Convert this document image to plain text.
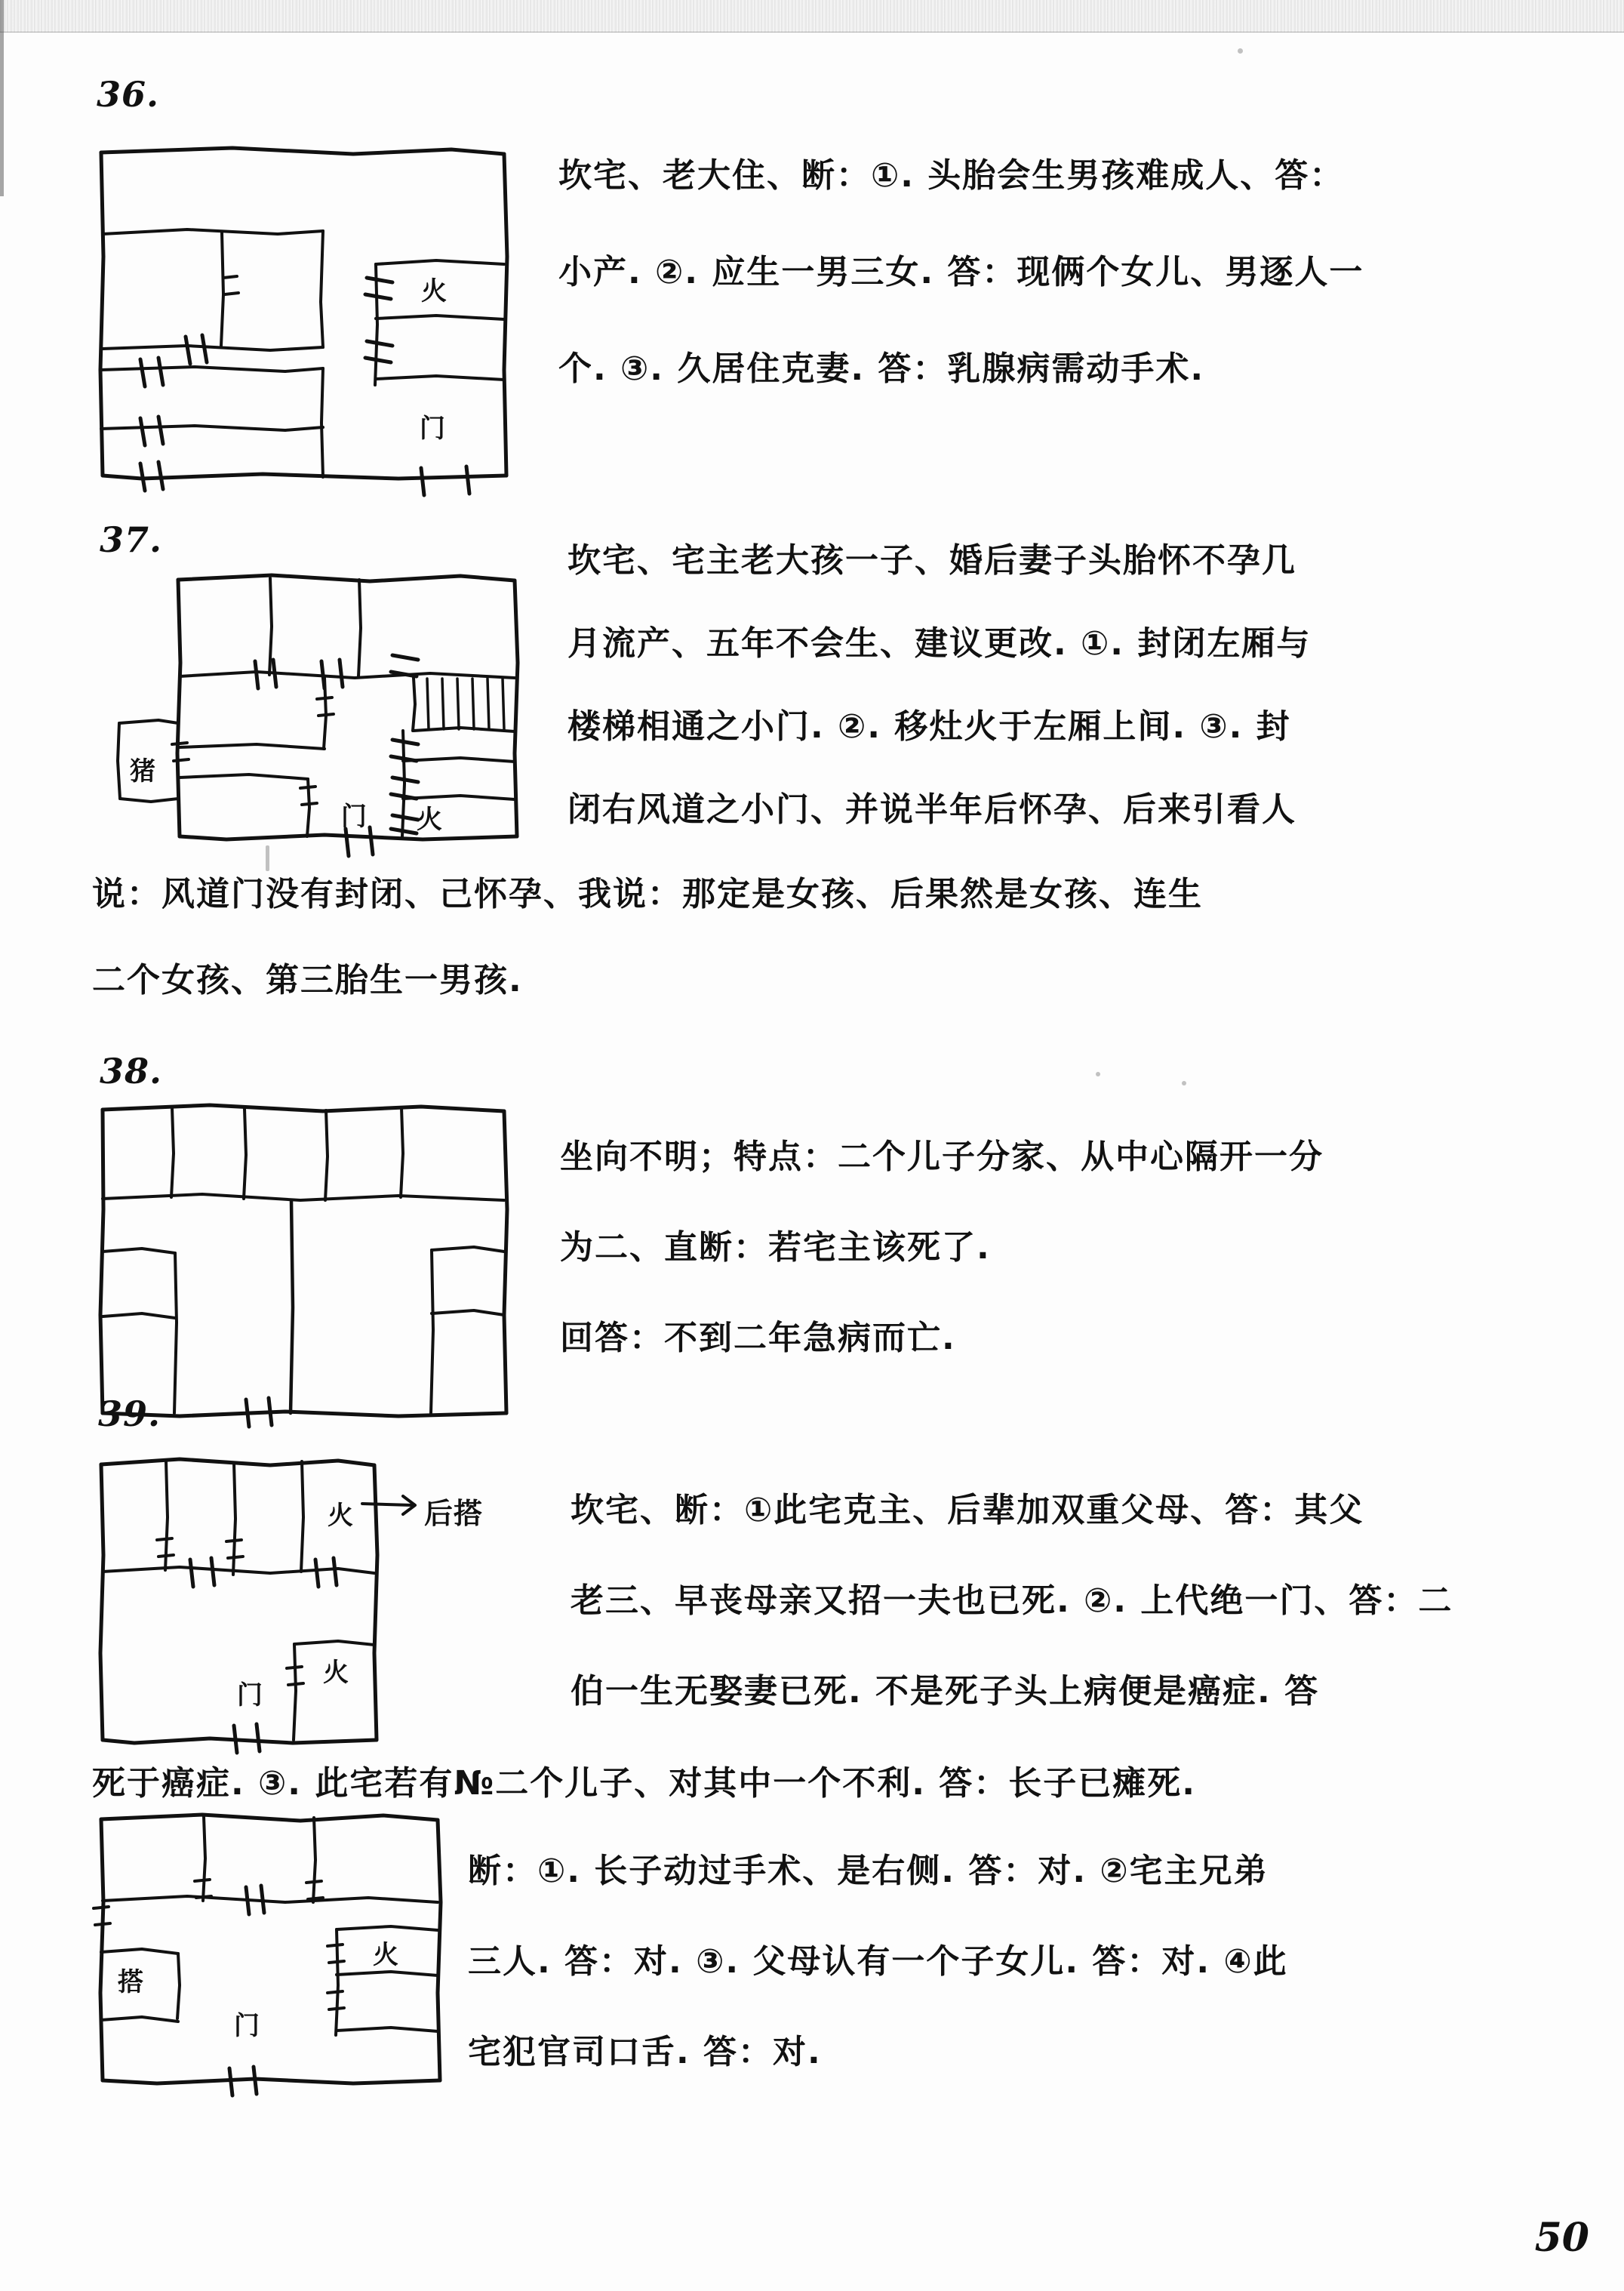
36.
火
门
坎宅、老大住、断：①. 头胎会生男孩难成人、答：
小产. ②. 应生一男三女. 答：现俩个女儿、男逐人一
个. ③. 久居住克妻. 答：乳腺病需动手术.
37.
猪
门 火
坎宅、宅主老大孩一子、婚后妻子头胎怀不孕几
月流产、五年不会生、建议更改. ①. 封闭左厢与
楼梯相通之小门. ②. 移灶火于左厢上间. ③. 封
闭右风道之小门、并说半年后怀孕、后来引看人
说：风道门没有封闭、己怀孕、我说：那定是女孩、后果然是女孩、连生
二个女孩、第三胎生一男孩.
38.
坐向不明；特点：二个儿子分家、从中心隔开一分
为二、直断：若宅主该死了.
回答：不到二年急病而亡.
39.
火 后搭
火
门
坎宅、断：①此宅克主、后辈加双重父母、答：其父
老三、早丧母亲又招一夫也已死. ②. 上代绝一门、答：二
伯一生无娶妻已死. 不是死子头上病便是癌症. 答
死于癌症. ③. 此宅若有№二个儿子、对其中一个不利. 答：长子已瘫死.
搭
门
火
断：①. 长子动过手术、是右侧. 答：对. ②宅主兄弟
三人. 答：对. ③. 父母认有一个子女儿. 答：对. ④此
宅犯官司口舌. 答：对.
50
